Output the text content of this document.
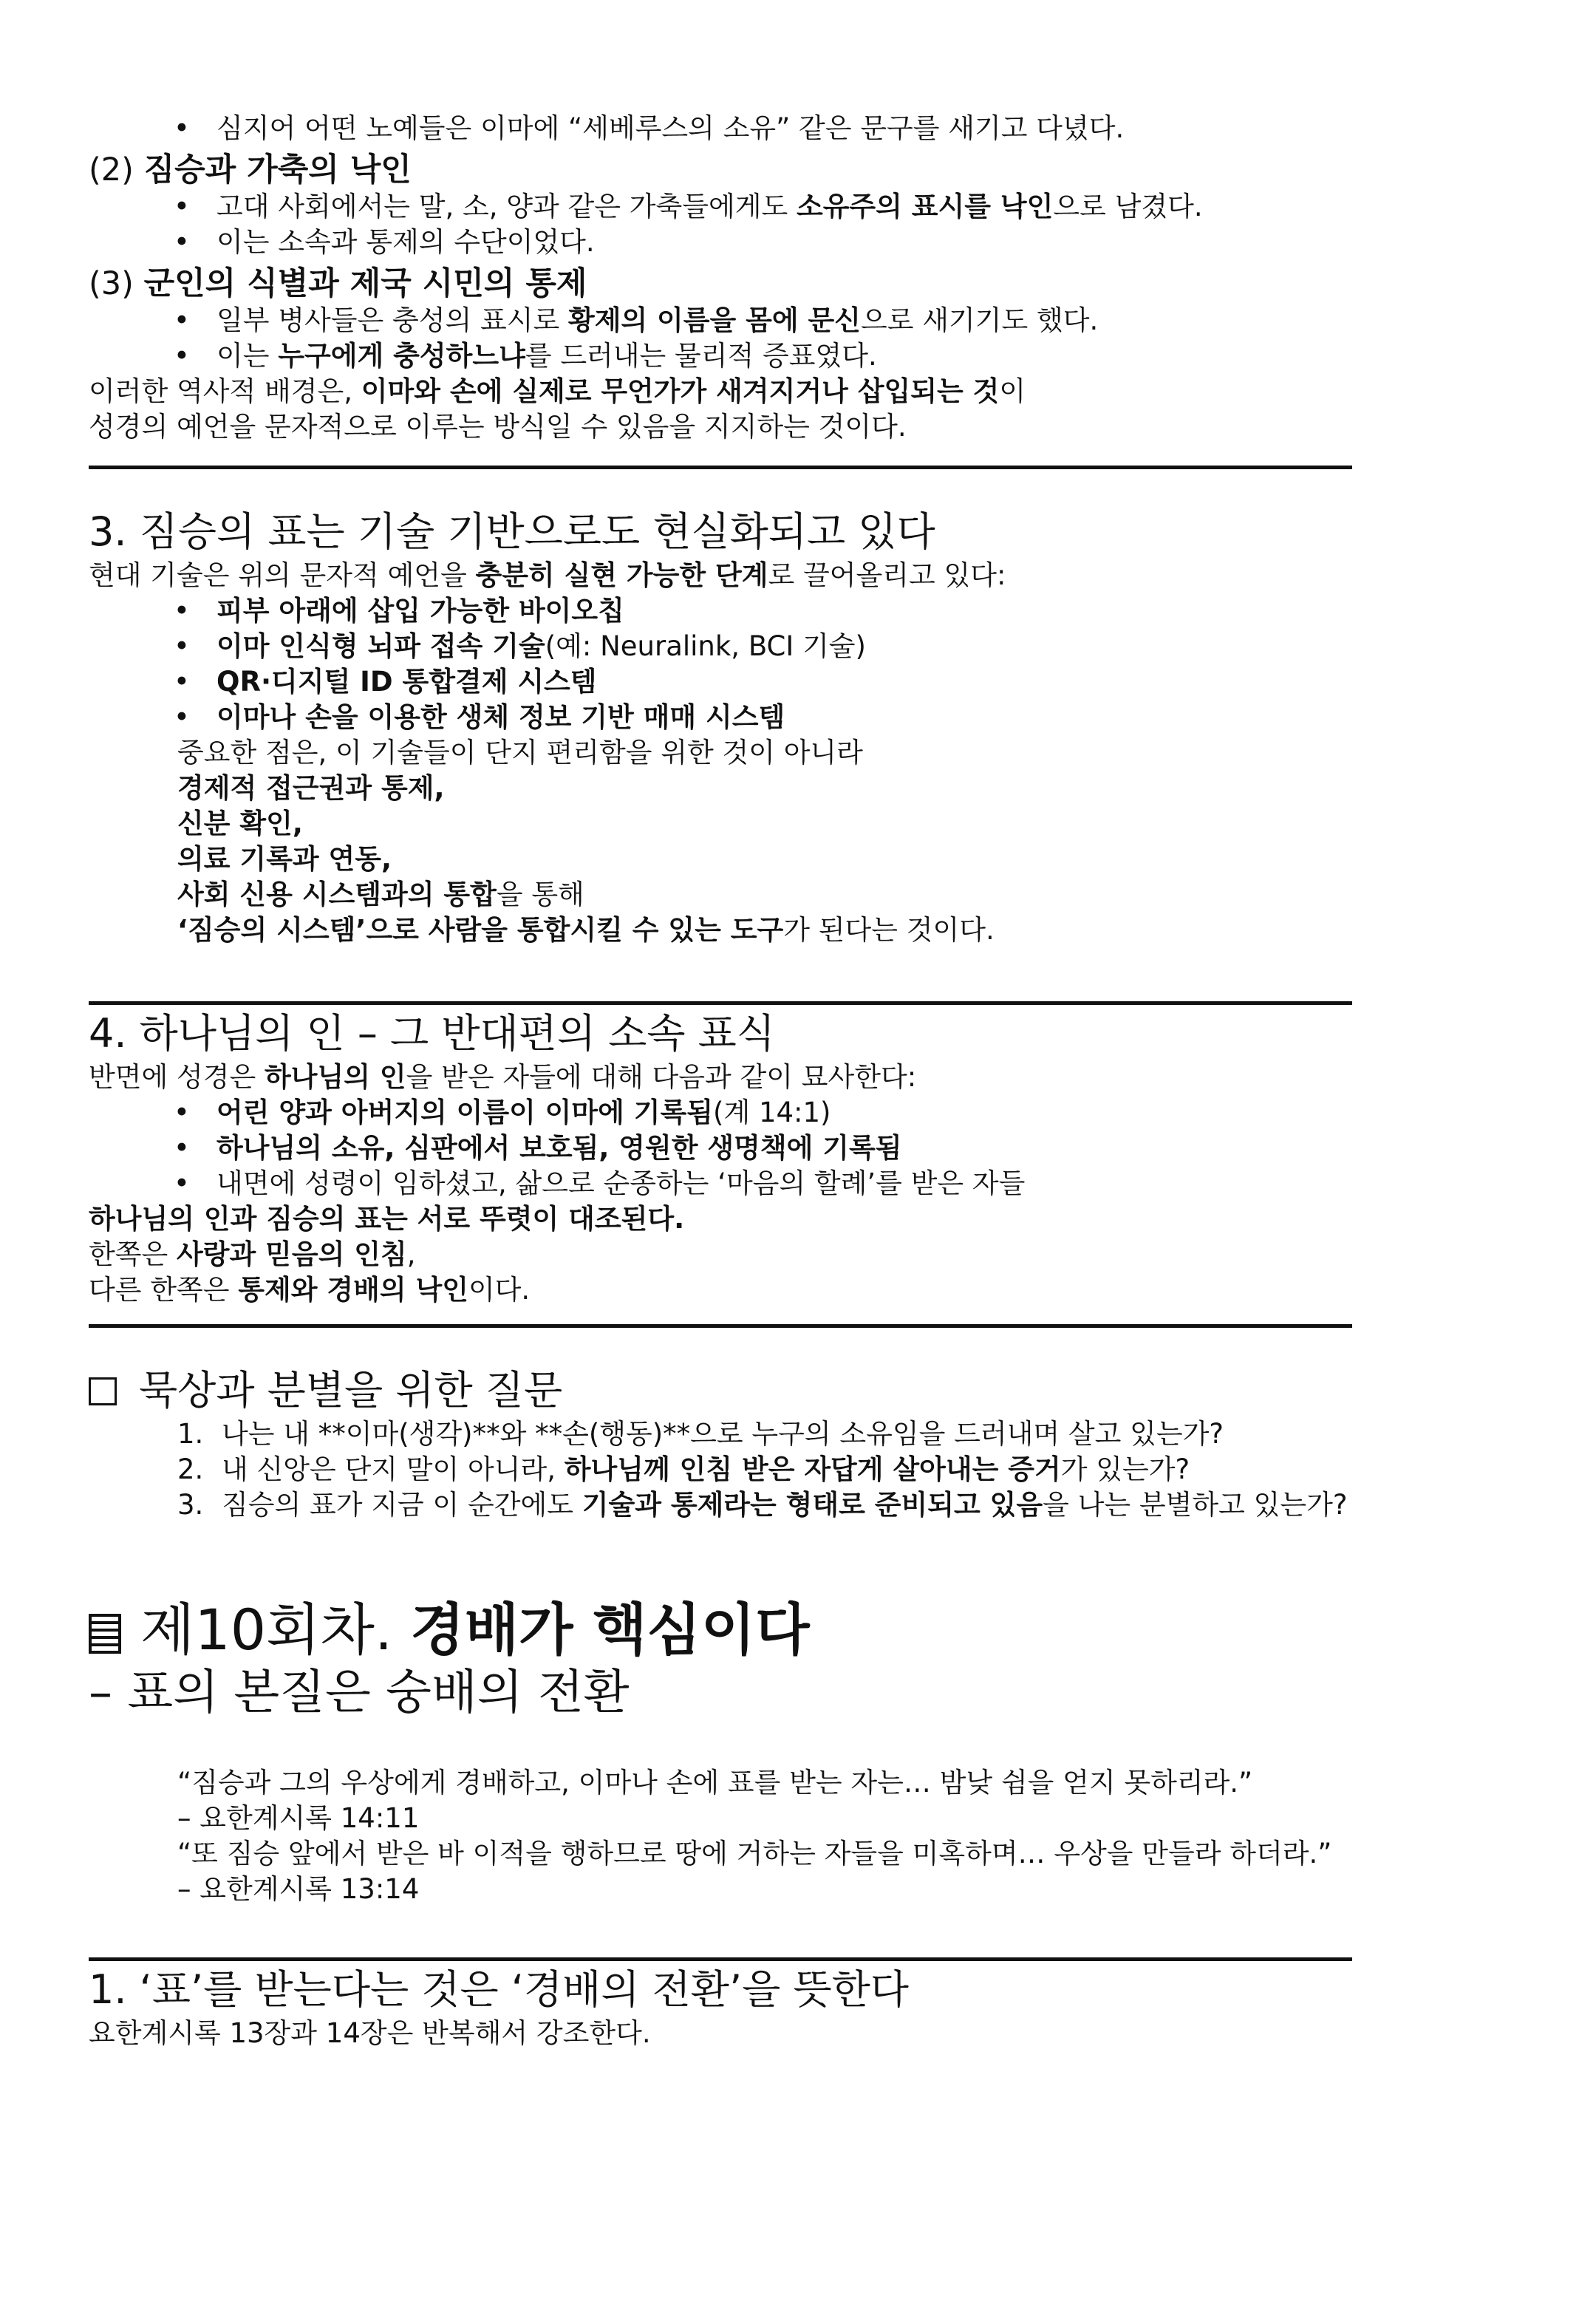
• 심지어 어떤 노예들은 이마에 “세베루스의 소유” 같은 문구를 새기고 다녔다.

(2) 짐승과 가축의 낙인

• 고대 사회에서는 말, 소, 양과 같은 가축들에게도 소유주의 표시를 낙인으로 남겼다.

• 이는 소속과 통제의 수단이었다.

(3) 군인의 식별과 제국 시민의 통제

• 일부 병사들은 충성의 표시로 황제의 이름을 몸에 문신으로 새기기도 했다.

• 이는 누구에게 충성하느냐를 드러내는 물리적 증표였다.

이러한 역사적 배경은, 이마와 손에 실제로 무언가가 새겨지거나 삽입되는 것이

성경의 예언을 문자적으로 이루는 방식일 수 있음을 지지하는 것이다.

3. 짐승의 표는 기술 기반으로도 현실화되고 있다

현대 기술은 위의 문자적 예언을 충분히 실현 가능한 단계로 끌어올리고 있다:

• 피부 아래에 삽입 가능한 바이오칩

• 이마 인식형 뇌파 접속 기술(예: Neuralink, BCI 기술)

• QR·디지털 ID 통합결제 시스템

• 이마나 손을 이용한 생체 정보 기반 매매 시스템

중요한 점은, 이 기술들이 단지 편리함을 위한 것이 아니라

경제적 접근권과 통제,

신분 확인,

의료 기록과 연동,

사회 신용 시스템과의 통합을 통해

‘짐승의 시스템’으로 사람을 통합시킬 수 있는 도구가 된다는 것이다.

4. 하나님의 인 – 그 반대편의 소속 표식

반면에 성경은 하나님의 인을 받은 자들에 대해 다음과 같이 묘사한다:

• 어린 양과 아버지의 이름이 이마에 기록됨(계 14:1)

• 하나님의 소유, 심판에서 보호됨, 영원한 생명책에 기록됨

• 내면에 성령이 임하셨고, 삶으로 순종하는 ‘마음의 할례’를 받은 자들

하나님의 인과 짐승의 표는 서로 뚜렷이 대조된다.

한쪽은 사랑과 믿음의 인침,

다른 한쪽은 통제와 경배의 낙인이다.

묵상과 분별을 위한 질문

1. 나는 내 **이마(생각)**와 **손(행동)**으로 누구의 소유임을 드러내며 살고 있는가?
2. 내 신앙은 단지 말이 아니라, 하나님께 인침 받은 자답게 살아내는 증거가 있는가?
3. 짐승의 표가 지금 이 순간에도 기술과 통제라는 형태로 준비되고 있음을 나는 분별하고 있는가?

제10회차. 경배가 핵심이다

– 표의 본질은 숭배의 전환

“짐승과 그의 우상에게 경배하고, 이마나 손에 표를 받는 자는… 밤낮 쉼을 얻지 못하리라.”
– 요한계시록 14:11
“또 짐승 앞에서 받은 바 이적을 행하므로 땅에 거하는 자들을 미혹하며… 우상을 만들라 하더라.”
– 요한계시록 13:14

1. ‘표’를 받는다는 것은 ‘경배의 전환’을 뜻한다

요한계시록 13장과 14장은 반복해서 강조한다.
